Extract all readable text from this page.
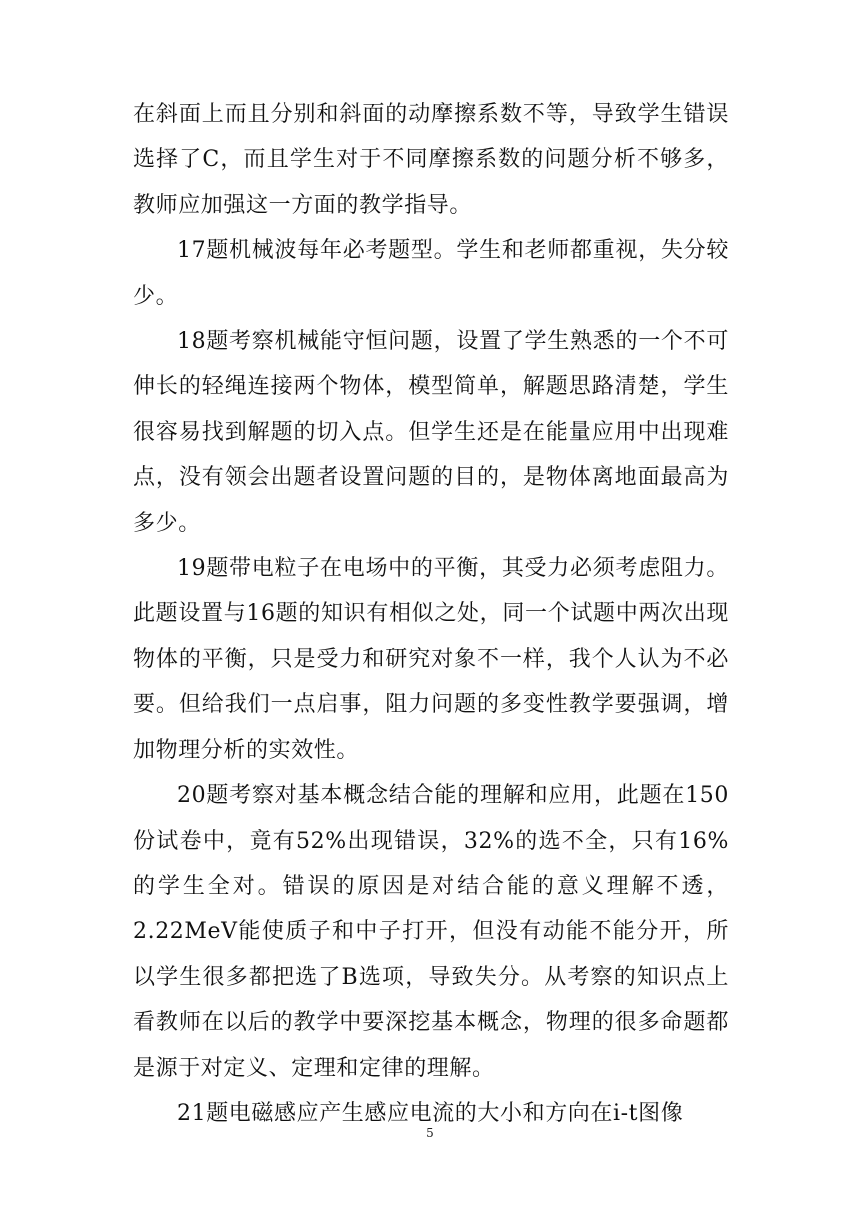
在斜面上而且分别和斜面的动摩擦系数不等，导致学生错误选择了C，而且学生对于不同摩擦系数的问题分析不够多，教师应加强这一方面的教学指导。

17题机械波每年必考题型。学生和老师都重视，失分较少。

18题考察机械能守恒问题，设置了学生熟悉的一个不可伸长的轻绳连接两个物体，模型简单，解题思路清楚，学生很容易找到解题的切入点。但学生还是在能量应用中出现难点，没有领会出题者设置问题的目的，是物体离地面最高为多少。

19题带电粒子在电场中的平衡，其受力必须考虑阻力。此题设置与16题的知识有相似之处，同一个试题中两次出现物体的平衡，只是受力和研究对象不一样，我个人认为不必要。但给我们一点启事，阻力问题的多变性教学要强调，增加物理分析的实效性。

20题考察对基本概念结合能的理解和应用，此题在150份试卷中，竟有52%出现错误，32%的选不全，只有16%的学生全对。错误的原因是对结合能的意义理解不透，2.22MeV能使质子和中子打开，但没有动能不能分开，所以学生很多都把选了B选项，导致失分。从考察的知识点上看教师在以后的教学中要深挖基本概念，物理的很多命题都是源于对定义、定理和定律的理解。

21题电磁感应产生感应电流的大小和方向在i-t图像

5
